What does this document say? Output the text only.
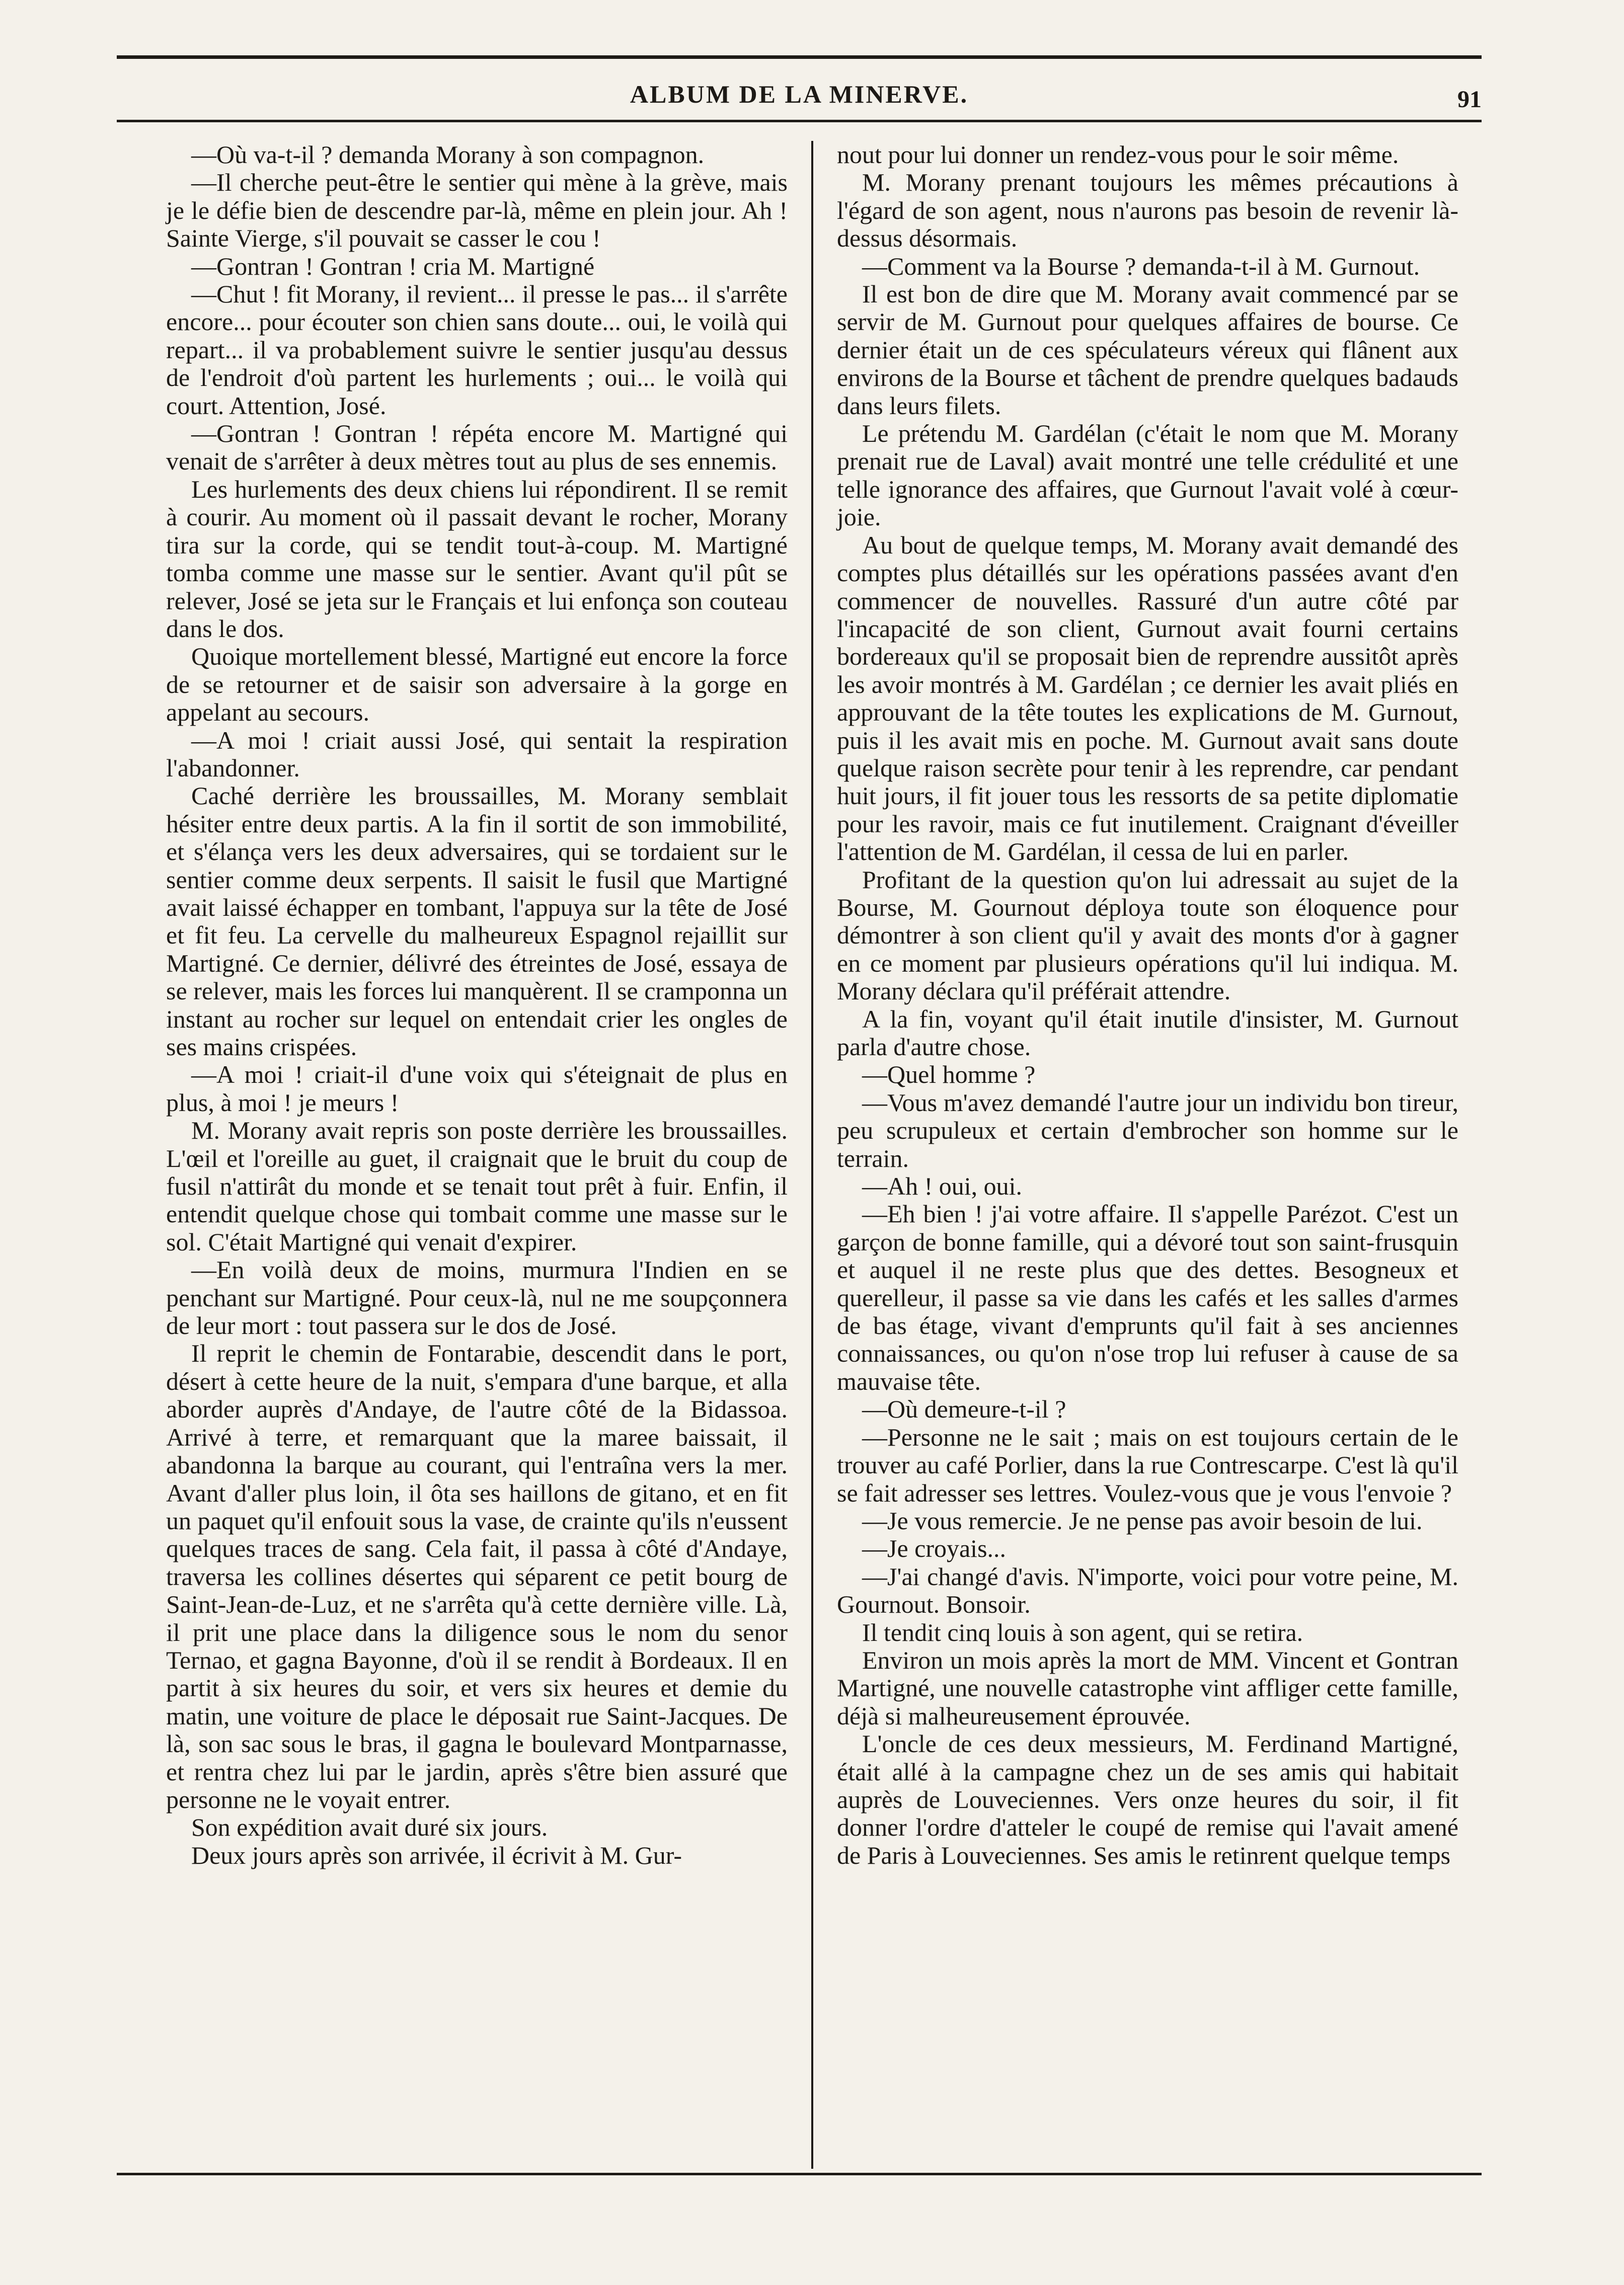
ALBUM DE LA MINERVE.	91

—Où va-t-il ? demanda Morany à son compagnon.

—Il cherche peut-être le sentier qui mène à la grève, mais je le défie bien de descendre par-là, même en plein jour. Ah ! Sainte Vierge, s'il pouvait se casser le cou !

—Gontran ! Gontran ! cria M. Martigné

—Chut ! fit Morany, il revient... il presse le pas... il s'arrête encore... pour écouter son chien sans doute... oui, le voilà qui repart... il va probablement suivre le sentier jusqu'au dessus de l'endroit d'où partent les hurlements ; oui... le voilà qui court. Attention, José.

—Gontran ! Gontran ! répéta encore M. Martigné qui venait de s'arrêter à deux mètres tout au plus de ses ennemis.

Les hurlements des deux chiens lui répondirent. Il se remit à courir. Au moment où il passait devant le rocher, Morany tira sur la corde, qui se tendit tout-à-coup. M. Martigné tomba comme une masse sur le sentier. Avant qu'il pût se relever, José se jeta sur le Français et lui enfonça son couteau dans le dos.

Quoique mortellement blessé, Martigné eut encore la force de se retourner et de saisir son adversaire à la gorge en appelant au secours.

—A moi ! criait aussi José, qui sentait la respiration l'abandonner.

Caché derrière les broussailles, M. Morany semblait hésiter entre deux partis. A la fin il sortit de son immobilité, et s'élança vers les deux adversaires, qui se tordaient sur le sentier comme deux serpents. Il saisit le fusil que Martigné avait laissé échapper en tombant, l'appuya sur la tête de José et fit feu. La cervelle du malheureux Espagnol rejaillit sur Martigné. Ce dernier, délivré des étreintes de José, essaya de se relever, mais les forces lui manquèrent. Il se cramponna un instant au rocher sur lequel on entendait crier les ongles de ses mains crispées.

—A moi ! criait-il d'une voix qui s'éteignait de plus en plus, à moi ! je meurs !

M. Morany avait repris son poste derrière les broussailles. L'œil et l'oreille au guet, il craignait que le bruit du coup de fusil n'attirât du monde et se tenait tout prêt à fuir. Enfin, il entendit quelque chose qui tombait comme une masse sur le sol. C'était Martigné qui venait d'expirer.

—En voilà deux de moins, murmura l'Indien en se penchant sur Martigné. Pour ceux-là, nul ne me soupçonnera de leur mort : tout passera sur le dos de José.

Il reprit le chemin de Fontarabie, descendit dans le port, désert à cette heure de la nuit, s'empara d'une barque, et alla aborder auprès d'Andaye, de l'autre côté de la Bidassoa. Arrivé à terre, et remarquant que la maree baissait, il abandonna la barque au courant, qui l'entraîna vers la mer. Avant d'aller plus loin, il ôta ses haillons de gitano, et en fit un paquet qu'il enfouit sous la vase, de crainte qu'ils n'eussent quelques traces de sang. Cela fait, il passa à côté d'Andaye, traversa les collines désertes qui séparent ce petit bourg de Saint-Jean-de-Luz, et ne s'arrêta qu'à cette dernière ville. Là, il prit une place dans la diligence sous le nom du senor Ternao, et gagna Bayonne, d'où il se rendit à Bordeaux. Il en partit à six heures du soir, et vers six heures et demie du matin, une voiture de place le déposait rue Saint-Jacques. De là, son sac sous le bras, il gagna le boulevard Montparnasse, et rentra chez lui par le jardin, après s'être bien assuré que personne ne le voyait entrer.

Son expédition avait duré six jours.

Deux jours après son arrivée, il écrivit à M. Gur-

nout pour lui donner un rendez-vous pour le soir même.

M. Morany prenant toujours les mêmes précautions à l'égard de son agent, nous n'aurons pas besoin de revenir là-dessus désormais.

—Comment va la Bourse ? demanda-t-il à M. Gurnout.

Il est bon de dire que M. Morany avait commencé par se servir de M. Gurnout pour quelques affaires de bourse. Ce dernier était un de ces spéculateurs véreux qui flânent aux environs de la Bourse et tâchent de prendre quelques badauds dans leurs filets.

Le prétendu M. Gardélan (c'était le nom que M. Morany prenait rue de Laval) avait montré une telle crédulité et une telle ignorance des affaires, que Gurnout l'avait volé à cœur-joie.

Au bout de quelque temps, M. Morany avait demandé des comptes plus détaillés sur les opérations passées avant d'en commencer de nouvelles. Rassuré d'un autre côté par l'incapacité de son client, Gurnout avait fourni certains bordereaux qu'il se proposait bien de reprendre aussitôt après les avoir montrés à M. Gardélan ; ce dernier les avait pliés en approuvant de la tête toutes les explications de M. Gurnout, puis il les avait mis en poche. M. Gurnout avait sans doute quelque raison secrète pour tenir à les reprendre, car pendant huit jours, il fit jouer tous les ressorts de sa petite diplomatie pour les ravoir, mais ce fut inutilement. Craignant d'éveiller l'attention de M. Gardélan, il cessa de lui en parler.

Profitant de la question qu'on lui adressait au sujet de la Bourse, M. Gournout déploya toute son éloquence pour démontrer à son client qu'il y avait des monts d'or à gagner en ce moment par plusieurs opérations qu'il lui indiqua. M. Morany déclara qu'il préférait attendre.

A la fin, voyant qu'il était inutile d'insister, M. Gurnout parla d'autre chose.

—Quel homme ?

—Vous m'avez demandé l'autre jour un individu bon tireur, peu scrupuleux et certain d'embrocher son homme sur le terrain.

—Ah ! oui, oui.

—Eh bien ! j'ai votre affaire. Il s'appelle Parézot. C'est un garçon de bonne famille, qui a dévoré tout son saint-frusquin et auquel il ne reste plus que des dettes. Besogneux et querelleur, il passe sa vie dans les cafés et les salles d'armes de bas étage, vivant d'emprunts qu'il fait à ses anciennes connaissances, ou qu'on n'ose trop lui refuser à cause de sa mauvaise tête.

—Où demeure-t-il ?

—Personne ne le sait ; mais on est toujours certain de le trouver au café Porlier, dans la rue Contrescarpe. C'est là qu'il se fait adresser ses lettres. Voulez-vous que je vous l'envoie ?

—Je vous remercie. Je ne pense pas avoir besoin de lui.

—Je croyais...

—J'ai changé d'avis. N'importe, voici pour votre peine, M. Gournout. Bonsoir.

Il tendit cinq louis à son agent, qui se retira.

Environ un mois après la mort de MM. Vincent et Gontran Martigné, une nouvelle catastrophe vint affliger cette famille, déjà si malheureusement éprouvée.

L'oncle de ces deux messieurs, M. Ferdinand Martigné, était allé à la campagne chez un de ses amis qui habitait auprès de Louveciennes. Vers onze heures du soir, il fit donner l'ordre d'atteler le coupé de remise qui l'avait amené de Paris à Louveciennes. Ses amis le retinrent quelque temps
